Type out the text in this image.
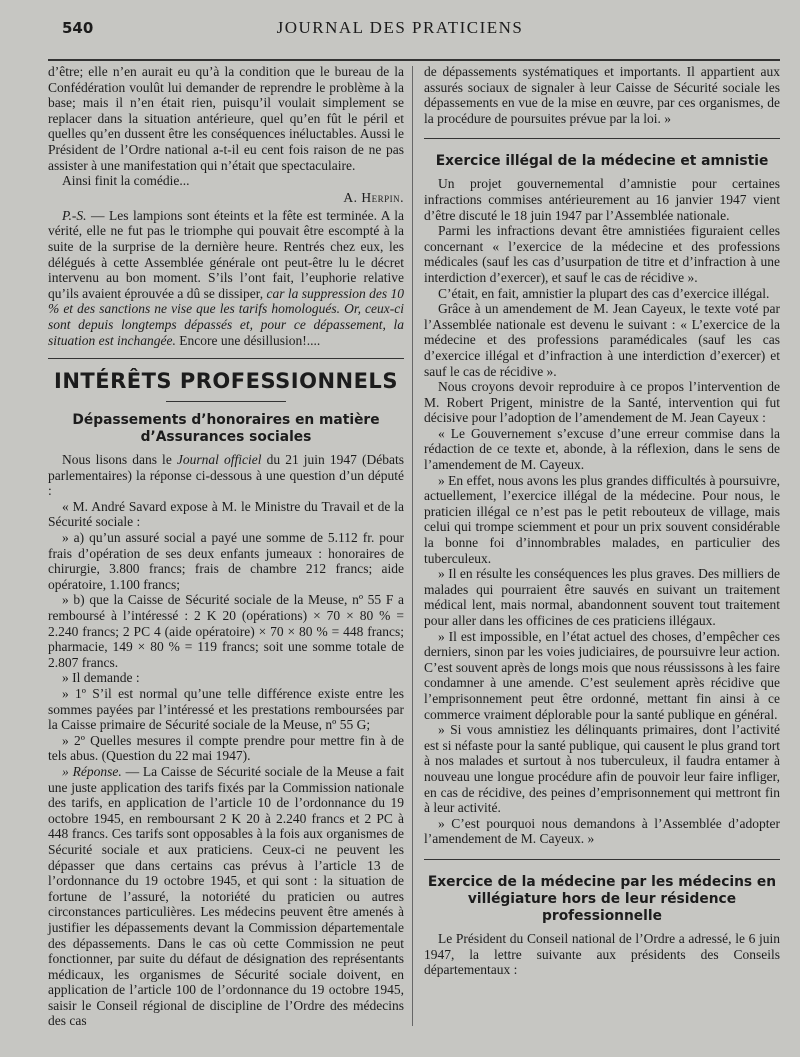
540	JOURNAL DES PRATICIENS

d’être; elle n’en aurait eu qu’à la condition que le bureau de la Confédération voulût lui demander de reprendre le problème à la base; mais il n’en était rien, puisqu’il voulait simplement se replacer dans la situation antérieure, quel qu’en fût le péril et quelles qu’en dussent être les conséquences inéluctables. Aussi le Président de l’Ordre national a-t-il eu cent fois raison de ne pas assister à une manifestation qui n’était que spectaculaire.

Ainsi finit la comédie...

A. Herpin.

P.-S. — Les lampions sont éteints et la fête est terminée. A la vérité, elle ne fut pas le triomphe qui pouvait être escompté à la suite de la surprise de la dernière heure. Rentrés chez eux, les délégués à cette Assemblée générale ont peut-être lu le décret intervenu au bon moment. S’ils l’ont fait, l’euphorie relative qu’ils avaient éprouvée a dû se dissiper, car la suppression des 10 % et des sanctions ne vise que les tarifs homologués. Or, ceux-ci sont depuis longtemps dépassés et, pour ce dépassement, la situation est inchangée. Encore une désillusion!....

INTÉRÊTS PROFESSIONNELS
Dépassements d’honoraires en matière d’Assurances sociales

Nous lisons dans le Journal officiel du 21 juin 1947 (Débats parlementaires) la réponse ci-dessous à une question d’un député :

« M. André Savard expose à M. le Ministre du Travail et de la Sécurité sociale :

» a) qu’un assuré social a payé une somme de 5.112 fr. pour frais d’opération de ses deux enfants jumeaux : honoraires de chirurgie, 3.800 francs; frais de chambre 212 francs; aide opératoire, 1.100 francs;

» b) que la Caisse de Sécurité sociale de la Meuse, nº 55 F a remboursé à l’intéressé : 2 K 20 (opérations) × 70 × 80 % = 2.240 francs; 2 PC 4 (aide opératoire) × 70 × 80 % = 448 francs; pharmacie, 149 × 80 % = 119 francs; soit une somme totale de 2.807 francs.

» Il demande :

» 1º S’il est normal qu’une telle différence existe entre les sommes payées par l’intéressé et les prestations remboursées par la Caisse primaire de Sécurité sociale de la Meuse, nº 55 G;

» 2º Quelles mesures il compte prendre pour mettre fin à de tels abus. (Question du 22 mai 1947).

» Réponse. — La Caisse de Sécurité sociale de la Meuse a fait une juste application des tarifs fixés par la Commission nationale des tarifs, en application de l’article 10 de l’ordonnance du 19 octobre 1945, en remboursant 2 K 20 à 2.240 francs et 2 PC à 448 francs. Ces tarifs sont opposables à la fois aux organismes de Sécurité sociale et aux praticiens. Ceux-ci ne peuvent les dépasser que dans certains cas prévus à l’article 13 de l’ordonnance du 19 octobre 1945, et qui sont : la situation de fortune de l’assuré, la notoriété du praticien ou autres circonstances particulières. Les médecins peuvent être amenés à justifier les dépassements devant la Commission départementale des dépassements. Dans le cas où cette Commission ne peut fonctionner, par suite du défaut de désignation des représentants médicaux, les organismes de Sécurité sociale doivent, en application de l’article 100 de l’ordonnance du 19 octobre 1945, saisir le Conseil régional de discipline de l’Ordre des médecins des cas

de dépassements systématiques et importants. Il appartient aux assurés sociaux de signaler à leur Caisse de Sécurité sociale les dépassements en vue de la mise en œuvre, par ces organismes, de la procédure de poursuites prévue par la loi. »

Exercice illégal de la médecine et amnistie

Un projet gouvernemental d’amnistie pour certaines infractions commises antérieurement au 16 janvier 1947 vient d’être discuté le 18 juin 1947 par l’Assemblée nationale.

Parmi les infractions devant être amnistiées figuraient celles concernant « l’exercice de la médecine et des professions médicales (sauf les cas d’usurpation de titre et d’infraction à une interdiction d’exercer), et sauf le cas de récidive ».

C’était, en fait, amnistier la plupart des cas d’exercice illégal.

Grâce à un amendement de M. Jean Cayeux, le texte voté par l’Assemblée nationale est devenu le suivant : « L’exercice de la médecine et des professions paramédicales (sauf les cas d’exercice illégal et d’infraction à une interdiction d’exercer) et sauf le cas de récidive ».

Nous croyons devoir reproduire à ce propos l’intervention de M. Robert Prigent, ministre de la Santé, intervention qui fut décisive pour l’adoption de l’amendement de M. Jean Cayeux :

« Le Gouvernement s’excuse d’une erreur commise dans la rédaction de ce texte et, abonde, à la réflexion, dans le sens de l’amendement de M. Cayeux.

» En effet, nous avons les plus grandes difficultés à poursuivre, actuellement, l’exercice illégal de la médecine. Pour nous, le praticien illégal ce n’est pas le petit rebouteux de village, mais celui qui trompe sciemment et pour un prix souvent considérable la bonne foi d’innombrables malades, en particulier des tuberculeux.

» Il en résulte les conséquences les plus graves. Des milliers de malades qui pourraient être sauvés en suivant un traitement médical lent, mais normal, abandonnent souvent tout traitement pour aller dans les officines de ces praticiens illégaux.

» Il est impossible, en l’état actuel des choses, d’empêcher ces derniers, sinon par les voies judiciaires, de poursuivre leur action. C’est souvent après de longs mois que nous réussissons à les faire condamner à une amende. C’est seulement après récidive que l’emprisonnement peut être ordonné, mettant fin ainsi à ce commerce vraiment déplorable pour la santé publique en général.

» Si vous amnistiez les délinquants primaires, dont l’activité est si néfaste pour la santé publique, qui causent le plus grand tort à nos malades et surtout à nos tuberculeux, il faudra entamer à nouveau une longue procédure afin de pouvoir leur faire infliger, en cas de récidive, des peines d’emprisonnement qui mettront fin à leur activité.

» C’est pourquoi nous demandons à l’Assemblée d’adopter l’amendement de M. Cayeux. »

Exercice de la médecine par les médecins en villégiature hors de leur résidence professionnelle

Le Président du Conseil national de l’Ordre a adressé, le 6 juin 1947, la lettre suivante aux présidents des Conseils départementaux :
